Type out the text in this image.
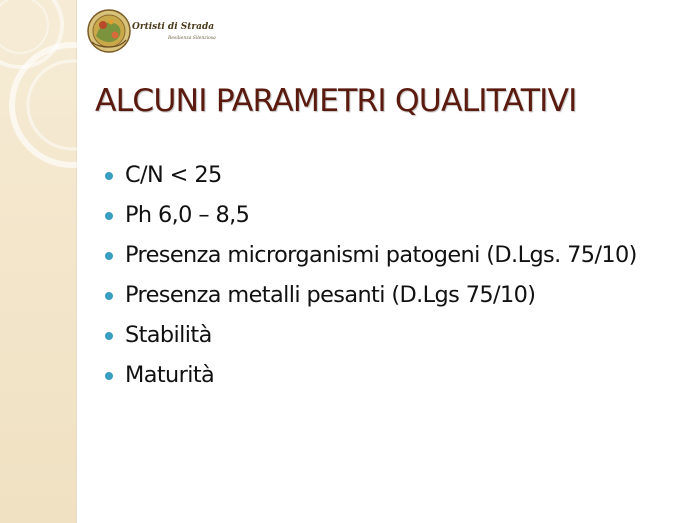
Ortisti di Strada
Resilienza Silenziosa
ALCUNI PARAMETRI QUALITATIVI
C/N < 25
Ph 6,0 – 8,5
Presenza microrganismi patogeni (D.Lgs. 75/10)
Presenza metalli pesanti (D.Lgs 75/10)
Stabilità
Maturità
